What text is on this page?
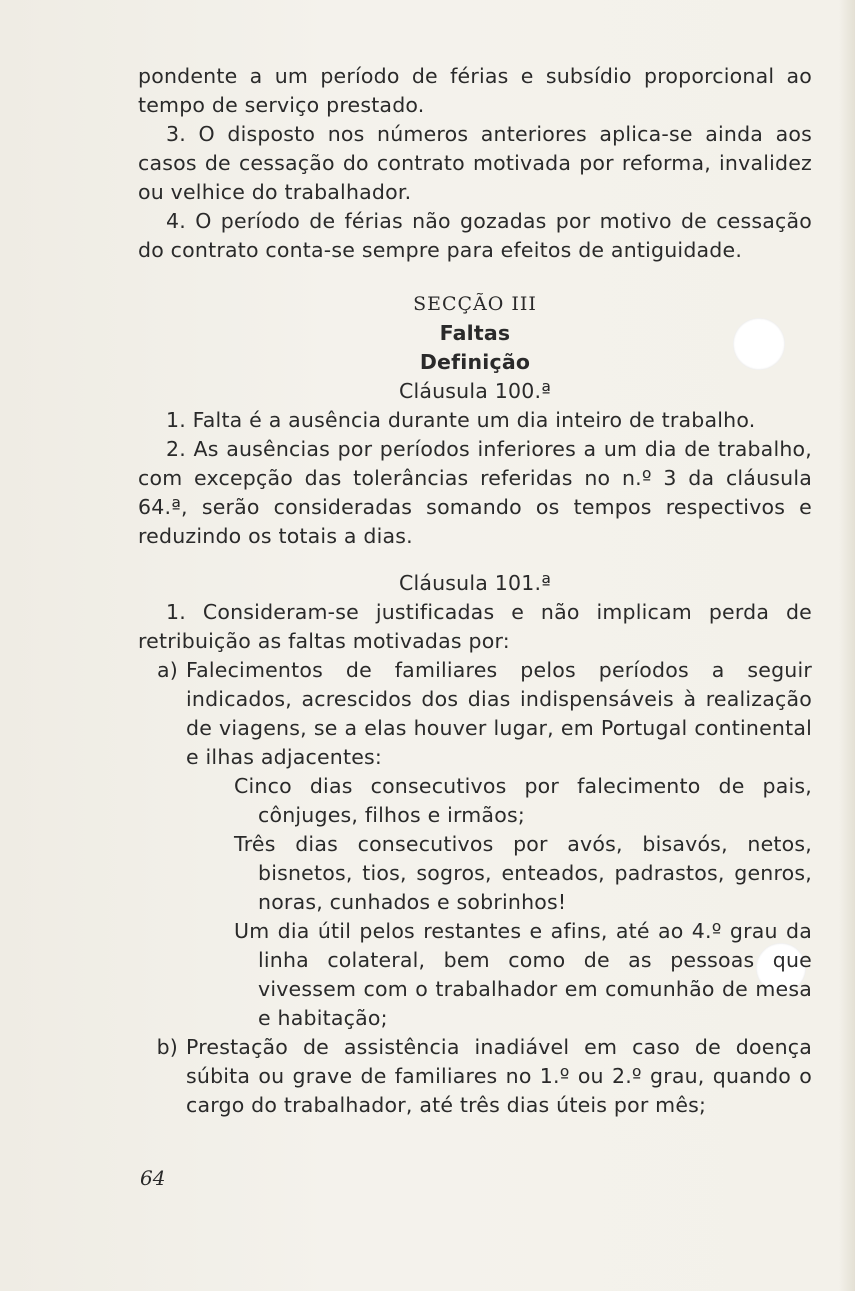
pondente a um período de férias e subsídio proporcional ao tempo de serviço prestado.
3. O disposto nos números anteriores aplica-se ainda aos casos de cessação do contrato motivada por reforma, invalidez ou velhice do trabalhador.
4. O período de férias não gozadas por motivo de cessação do contrato conta-se sempre para efeitos de antiguidade.
SECÇÃO III
Faltas
Definição
Cláusula 100.ª
1. Falta é a ausência durante um dia inteiro de trabalho.
2. As ausências por períodos inferiores a um dia de trabalho, com excepção das tolerâncias referidas no n.º 3 da cláusula 64.ª, serão consideradas somando os tempos respectivos e reduzindo os totais a dias.
Cláusula 101.ª
1. Consideram-se justificadas e não implicam perda de retribuição as faltas motivadas por:
a) Falecimentos de familiares pelos períodos a seguir indicados, acrescidos dos dias indispensáveis à realização de viagens, se a elas houver lugar, em Portugal continental e ilhas adjacentes:
Cinco dias consecutivos por falecimento de pais, cônjuges, filhos e irmãos;
Três dias consecutivos por avós, bisavós, netos, bisnetos, tios, sogros, enteados, padrastos, genros, noras, cunhados e sobrinhos!
Um dia útil pelos restantes e afins, até ao 4.º grau da linha colateral, bem como de as pessoas que vivessem com o trabalhador em comunhão de mesa e habitação;
b) Prestação de assistência inadiável em caso de doença súbita ou grave de familiares no 1.º ou 2.º grau, quando o cargo do trabalhador, até três dias úteis por mês;
64
